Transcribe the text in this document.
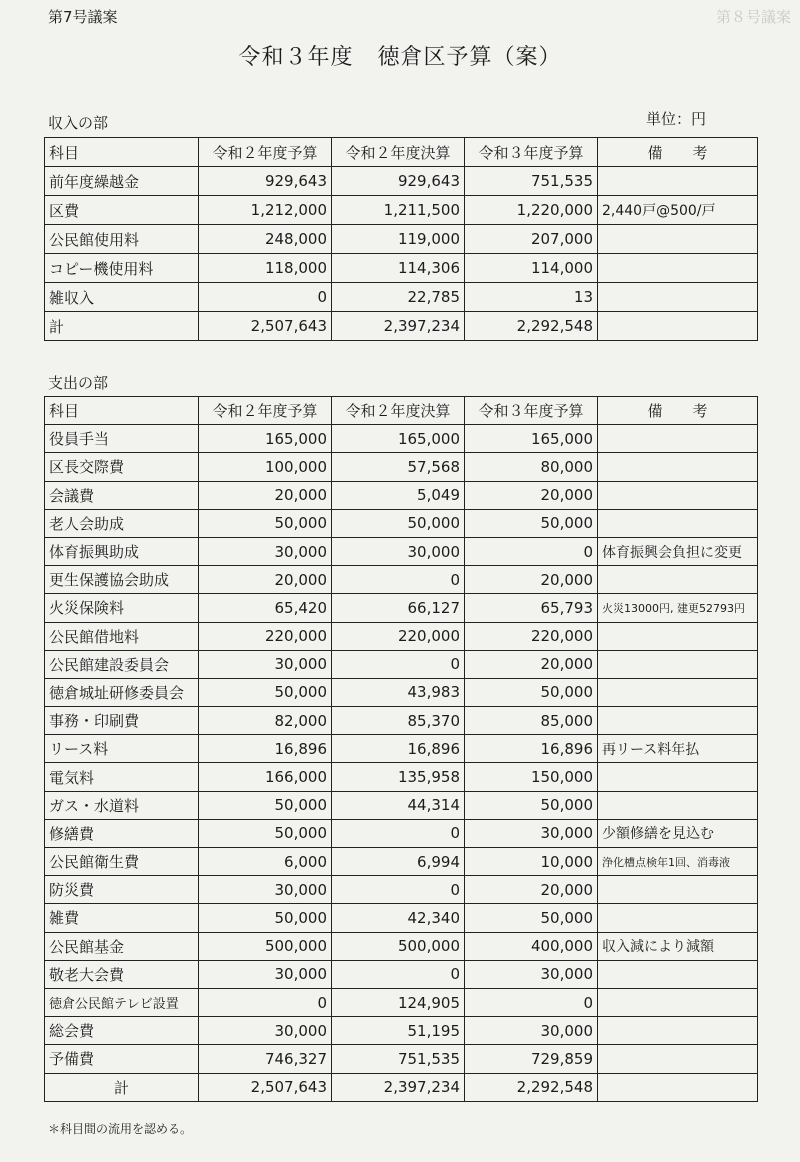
第８号議案
第7号議案
令和３年度 徳倉区予算（案）
収入の部	単位：円
科目	令和２年度予算	令和２年度決算	令和３年度予算	備　　考
前年度繰越金	929,643	929,643	751,535	
区費	1,212,000	1,211,500	1,220,000	2,440戸@500/戸
公民館使用料	248,000	119,000	207,000	
コピー機使用料	118,000	114,306	114,000	
雑収入	0	22,785	13	
計	2,507,643	2,397,234	2,292,548	
支出の部
科目	令和２年度予算	令和２年度決算	令和３年度予算	備　　考
役員手当	165,000	165,000	165,000	
区長交際費	100,000	57,568	80,000	
会議費	20,000	5,049	20,000	
老人会助成	50,000	50,000	50,000	
体育振興助成	30,000	30,000	0	体育振興会負担に変更
更生保護協会助成	20,000	0	20,000	
火災保険料	65,420	66,127	65,793	火災13000円, 建更52793円
公民館借地料	220,000	220,000	220,000	
公民館建設委員会	30,000	0	20,000	
徳倉城址研修委員会	50,000	43,983	50,000	
事務・印刷費	82,000	85,370	85,000	
リース料	16,896	16,896	16,896	再リース料年払
電気料	166,000	135,958	150,000	
ガス・水道料	50,000	44,314	50,000	
修繕費	50,000	0	30,000	少額修繕を見込む
公民館衛生費	6,000	6,994	10,000	浄化槽点検年1回、消毒液
防災費	30,000	0	20,000	
雑費	50,000	42,340	50,000	
公民館基金	500,000	500,000	400,000	収入減により減額
敬老大会費	30,000	0	30,000	
徳倉公民館テレビ設置	0	124,905	0	
総会費	30,000	51,195	30,000	
予備費	746,327	751,535	729,859	
計	2,507,643	2,397,234	2,292,548	
＊科目間の流用を認める。
